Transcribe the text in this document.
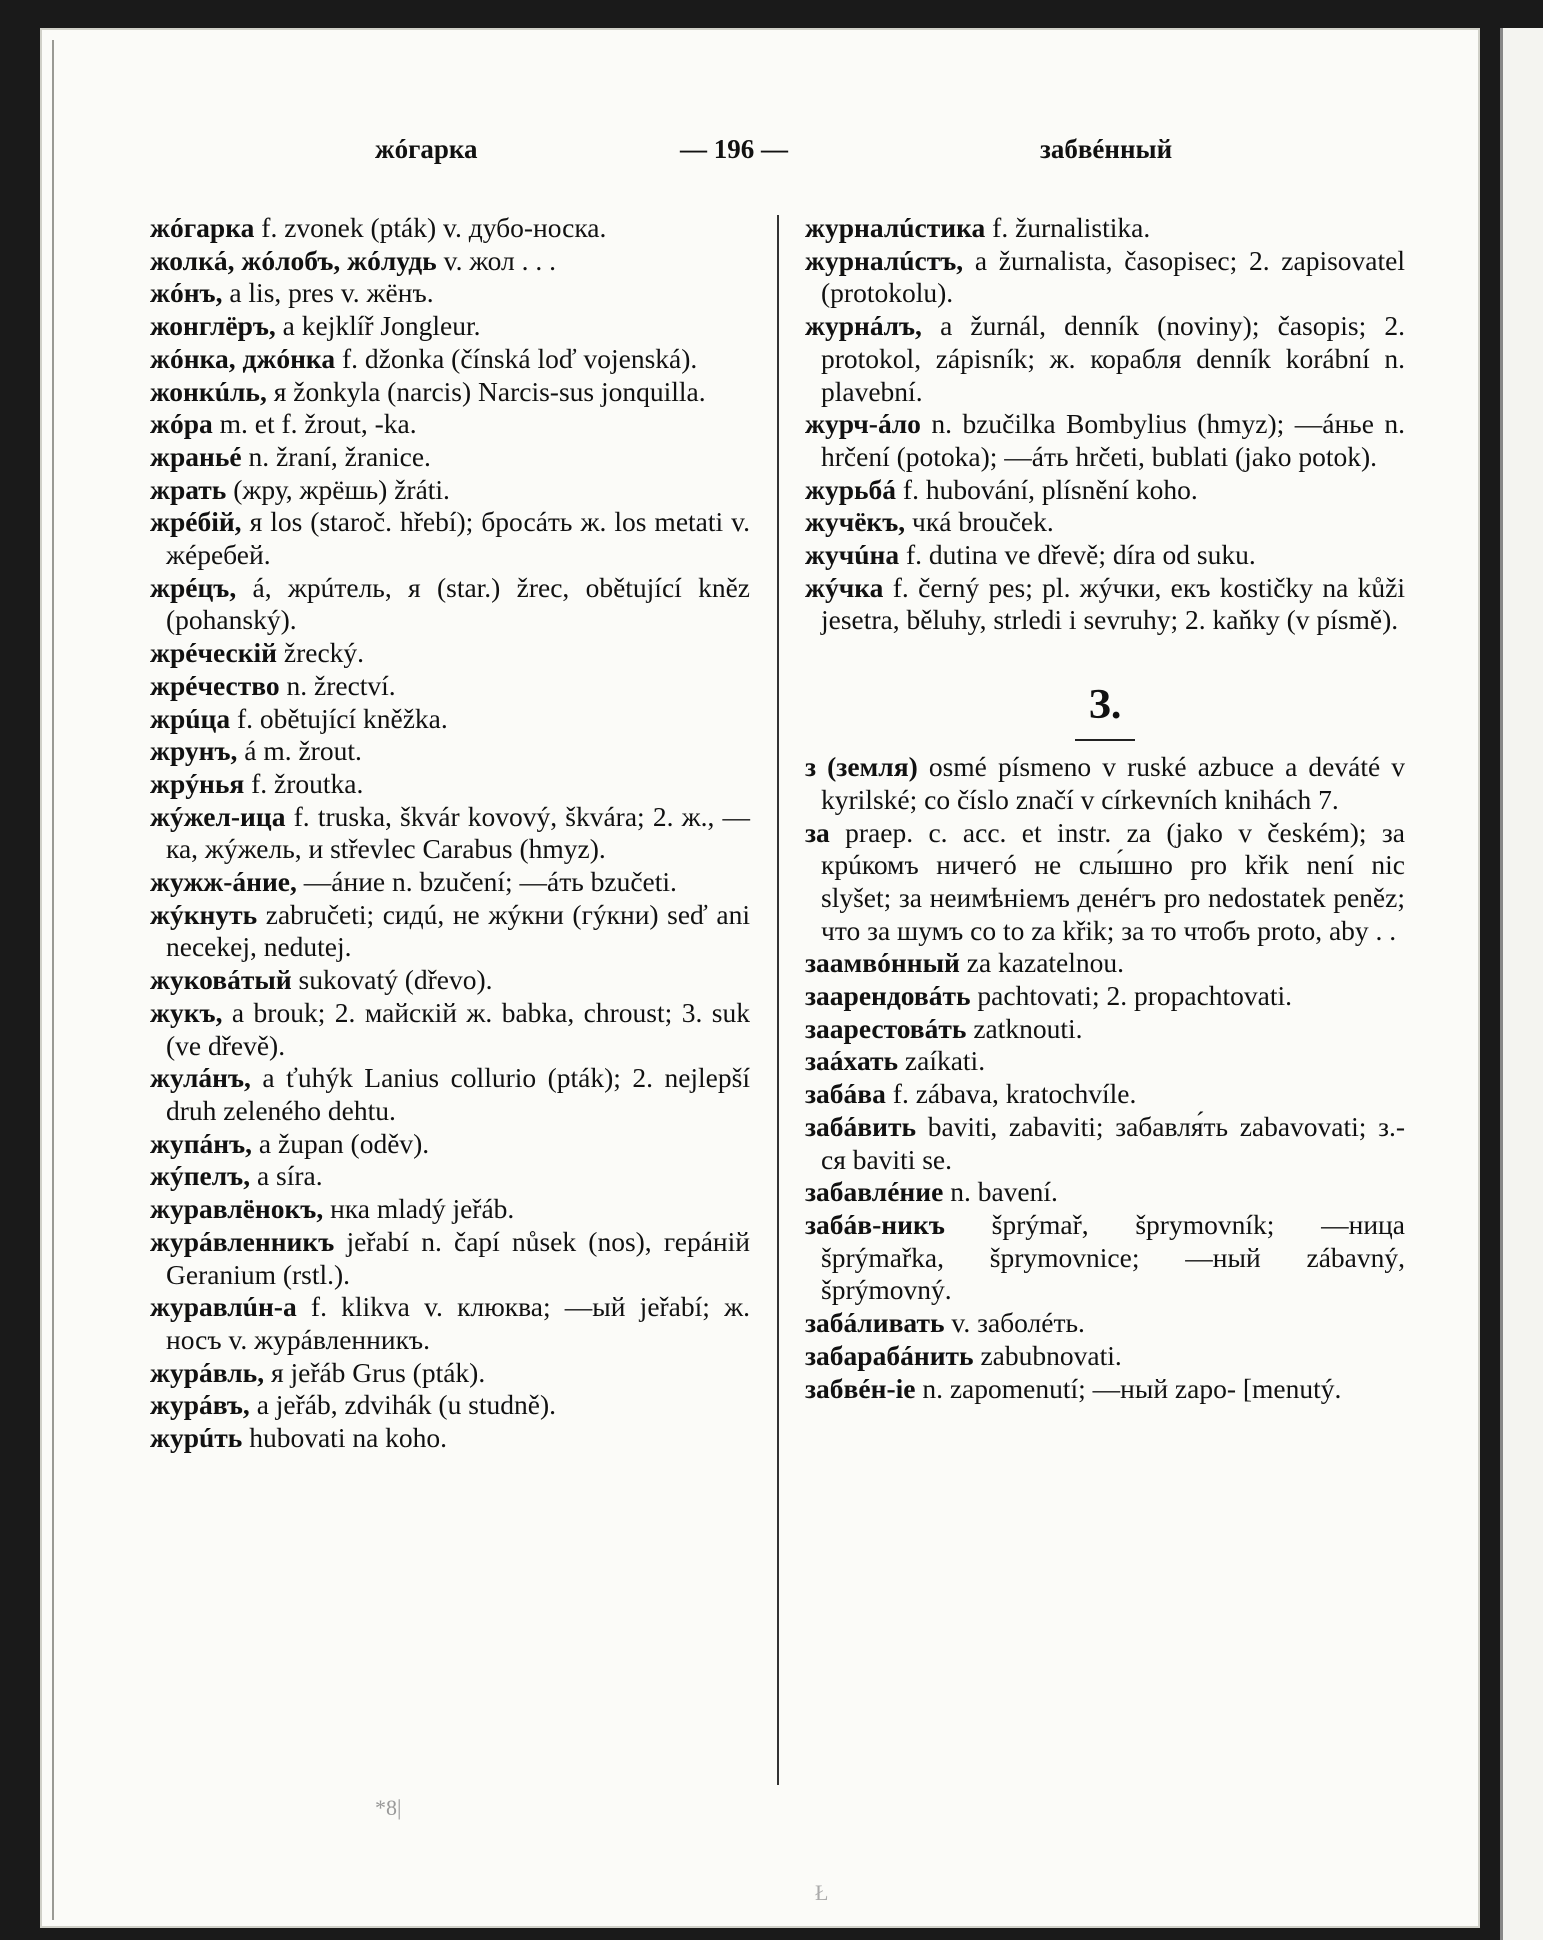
жóгарка	— 196 —	забвéнный
жóгарка f. zvonek (pták) v. дубо-носка.
жолкá, жóлобъ, жóлудь v. жол . . .
жóнъ, a lis, pres v. жёнъ.
жонглёръ, a kejklíř Jongleur.
жóнка, джóнка f. džonka (čínská loď vojenská).
жонкúль, я žonkyla (narcis) Narcis-sus jonquilla.
жóра m. et f. žrout, -ka.
жраньé n. žraní, žranice.
жрать (жру, жрёшь) žráti.
жрéбiй, я los (staroč. hřebí); бросáть ж. los metati v. жéребей.
жрéцъ, á, жрúтель, я (star.) žrec, obětující kněz (pohanský).
жрéческiй žrecký.
жрéчество n. žrectví.
жрúца f. obětující kněžka.
жрунъ, á m. žrout.
жрýнья f. žroutka.
жýжел-ица f. truska, škvár kovový, škvára; 2. ж., —ка, жýжель, и střevlec Carabus (hmyz).
жужж-áние, —áние n. bzučení; —áть bzučeti.
жýкнуть zabručeti; сидú, не жýкни (гýкни) seď ani necekej, nedutej.
жуковáтый sukovatý (dřevo).
жукъ, a brouk; 2. майскiй ж. babka, chroust; 3. suk (ve dřevě).
жулáнъ, a ťuhýk Lanius collurio (pták); 2. nejlepší druh zeleného dehtu.
жупáнъ, a župan (oděv).
жýпелъ, a síra.
журавлёнокъ, нка mladý jeřáb.
журáвленникъ jeřabí n. čapí nůsek (nos), герáнiй Geranium (rstl.).
журавлúн-а f. klikva v. клюква; —ый jeřabí; ж. носъ v. журáвленникъ.
журáвль, я jeřáb Grus (pták).
журáвъ, a jeřáb, zdvihák (u studně).
журúть hubovati na koho.
журналúстика f. žurnalistika.
журналúстъ, a žurnalista, časopisec; 2. zapisovatel (protokolu).
журнáлъ, a žurnál, denník (noviny); časopis; 2. protokol, zápisník; ж. корабля denník korábní n. plavební.
журч-áло n. bzučilka Bombylius (hmyz); —áнье n. hrčení (potoka); —áть hrčeti, bublati (jako potok).
журьбá f. hubování, plísnění koho.
жучёкъ, чкá brouček.
жучúна f. dutina ve dřevě; díra od suku.
жýчка f. černý pes; pl. жýчки, екъ kostičky na kůži jesetra, běluhy, strledi i sevruhy; 2. kaňky (v písmě).
З.
з (земля) osmé písmeno v ruské azbuce a deváté v kyrilské; co číslo značí v církevních knihách 7.
за praep. c. acc. et instr. za (jako v českém); за крúкомъ ничегó не слы́шно pro křik není nic slyšet; за неимѣнiемъ денéгъ pro nedostatek peněz; что за шумъ co to za křik; за то чтобъ proto, aby . .
заамвóнный za kazatelnou.
заарендовáть pachtovati; 2. propachtovati.
заарестовáть zatknouti.
заáхать zaíkati.
забáва f. zábava, kratochvíle.
забáвить baviti, zabaviti; забавля́ть zabavovati; з.-ся baviti se.
забавлéние n. bavení.
забáв-никъ šprýmař, šprymovník; —ница šprýmařka, šprymovnice; —ный zábavný, šprýmovný.
забáливать v. заболéть.
забарабáнить zabubnovati.
забвéн-iе n. zapomenutí; —ный zapo- [menutý.
*8|
Ł
